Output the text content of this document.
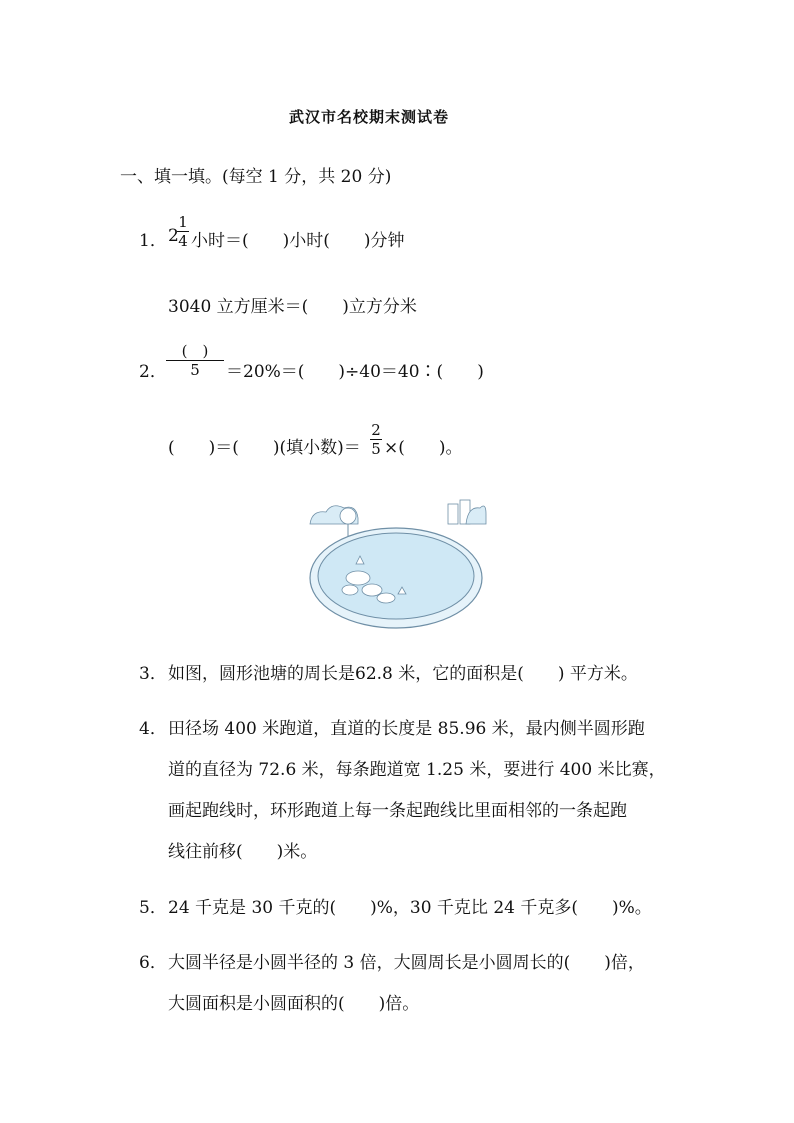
武汉市名校期末测试卷
一、填一填。(每空 1 分，共 20 分)
1． 2
1
4 小时＝(　　)小时(　　)分钟
3040 立方厘米＝(　　)立方分米
2．
(　)
5	＝20%＝(　　)÷40＝40∶(　　)
(　　)＝(　　)(填小数)＝
2
5 ×(　　)。
3． 如图，圆形池塘的周长是62.8 米，它的面积是(　　) 平方米。
4． 田径场 400 米跑道，直道的长度是 85.96 米，最内侧半圆形跑
道的直径为 72.6 米，每条跑道宽 1.25 米，要进行 400 米比赛，
画起跑线时，环形跑道上每一条起跑线比里面相邻的一条起跑
线往前移(　　)米。
5． 24 千克是 30 千克的(　　)%，30 千克比 24 千克多(　　)%。
6． 大圆半径是小圆半径的 3 倍，大圆周长是小圆周长的(　　)倍，
大圆面积是小圆面积的(　　)倍。
